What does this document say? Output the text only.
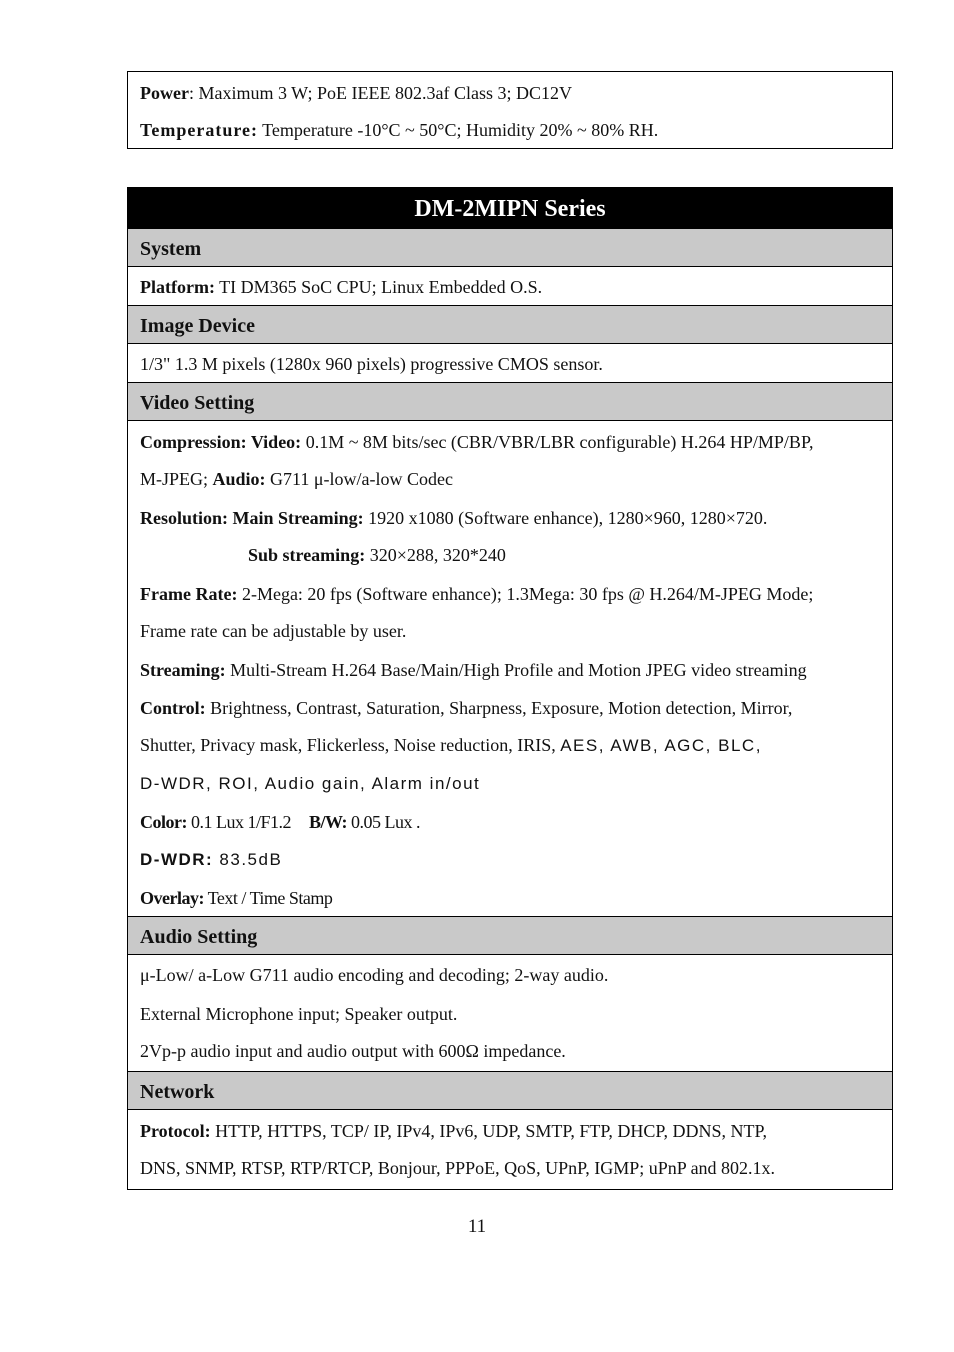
Power: Maximum 3 W; PoE IEEE 802.3af Class 3; DC12V
Temperature: Temperature -10°C ~ 50°C; Humidity 20% ~ 80% RH.
DM-2MIPN Series
System
Platform: TI DM365 SoC CPU; Linux Embedded O.S.
Image Device
1/3" 1.3 M pixels (1280x 960 pixels) progressive CMOS sensor.
Video Setting
Compression: Video: 0.1M ~ 8M bits/sec (CBR/VBR/LBR configurable) H.264 HP/MP/BP,
M-JPEG; Audio: G711 μ-low/a-low Codec
Resolution: Main Streaming: 1920 x1080 (Software enhance), 1280×960, 1280×720.
Sub streaming: 320×288, 320*240
Frame Rate: 2-Mega: 20 fps (Software enhance); 1.3Mega: 30 fps @ H.264/M-JPEG Mode;
Frame rate can be adjustable by user.
Streaming: Multi-Stream H.264 Base/Main/High Profile and Motion JPEG video streaming
Control: Brightness, Contrast, Saturation, Sharpness, Exposure, Motion detection, Mirror,
Shutter, Privacy mask, Flickerless, Noise reduction, IRIS, AES, AWB, AGC, BLC,
D-WDR, ROI, Audio gain, Alarm in/out
Color: 0.1 Lux 1/F1.2 B/W: 0.05 Lux .
D-WDR: 83.5dB
Overlay: Text / Time Stamp
Audio Setting
μ-Low/ a-Low G711 audio encoding and decoding; 2-way audio.
External Microphone input; Speaker output.
2Vp-p audio input and audio output with 600Ω impedance.
Network
Protocol: HTTP, HTTPS, TCP/ IP, IPv4, IPv6, UDP, SMTP, FTP, DHCP, DDNS, NTP,
DNS, SNMP, RTSP, RTP/RTCP, Bonjour, PPPoE, QoS, UPnP, IGMP; uPnP and 802.1x.
11
